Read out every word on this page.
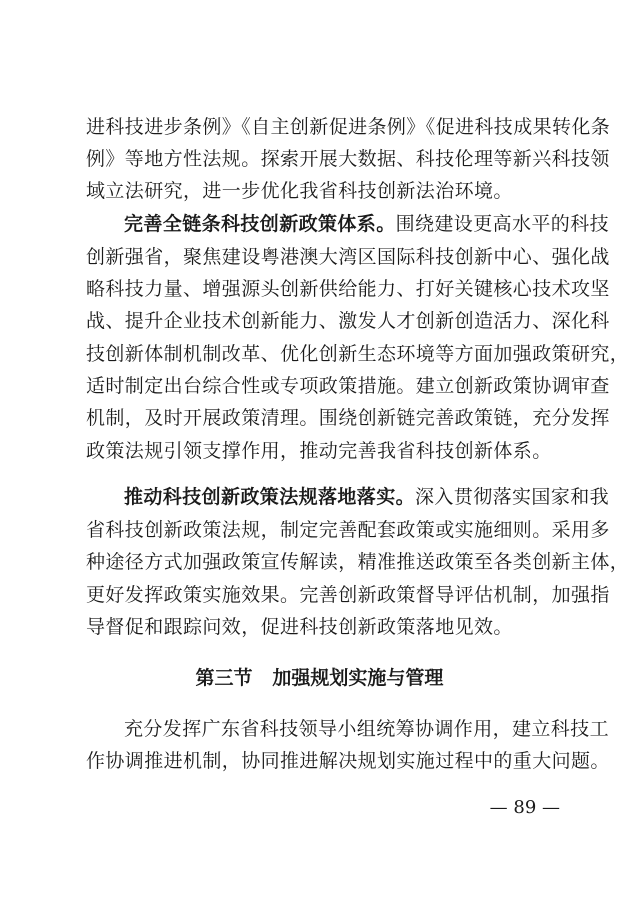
进科技进步条例》《自主创新促进条例》《促进科技成果转化条
例》等地方性法规。探索开展大数据、科技伦理等新兴科技领
域立法研究，进一步优化我省科技创新法治环境。
完善全链条科技创新政策体系。围绕建设更高水平的科技
创新强省，聚焦建设粤港澳大湾区国际科技创新中心、强化战
略科技力量、增强源头创新供给能力、打好关键核心技术攻坚
战、提升企业技术创新能力、激发人才创新创造活力、深化科
技创新体制机制改革、优化创新生态环境等方面加强政策研究，
适时制定出台综合性或专项政策措施。建立创新政策协调审查
机制，及时开展政策清理。围绕创新链完善政策链，充分发挥
政策法规引领支撑作用，推动完善我省科技创新体系。
推动科技创新政策法规落地落实。深入贯彻落实国家和我
省科技创新政策法规，制定完善配套政策或实施细则。采用多
种途径方式加强政策宣传解读，精准推送政策至各类创新主体，
更好发挥政策实施效果。完善创新政策督导评估机制，加强指
导督促和跟踪问效，促进科技创新政策落地见效。
第三节 加强规划实施与管理
充分发挥广东省科技领导小组统筹协调作用，建立科技工
作协调推进机制，协同推进解决规划实施过程中的重大问题。
— 89 —
